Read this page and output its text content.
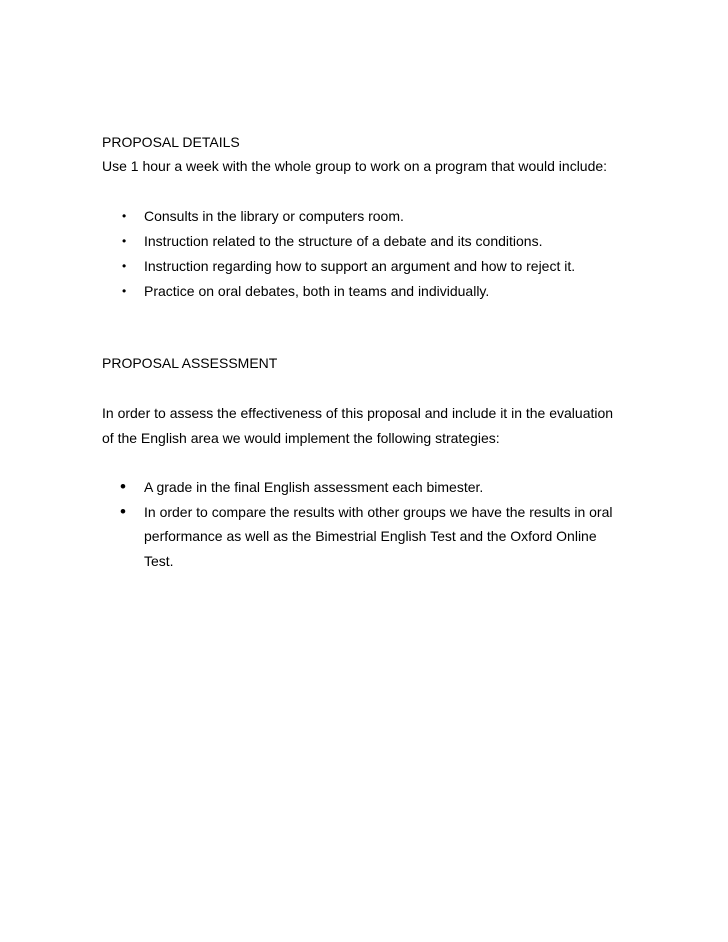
PROPOSAL DETAILS
Use 1 hour a week with the whole group to work on a program that would include:
• Consults in the library or computers room.
• Instruction related to the structure of a debate and its conditions.
• Instruction regarding how to support an argument and how to reject it.
• Practice on oral debates, both in teams and individually.
PROPOSAL ASSESSMENT
In order to assess the effectiveness of this proposal and include it in the evaluation
of the English area we would implement the following strategies:
• A grade in the final English assessment each bimester.
• In order to compare the results with other groups we have the results in oral
performance as well as the Bimestrial English Test and the Oxford Online
Test.
